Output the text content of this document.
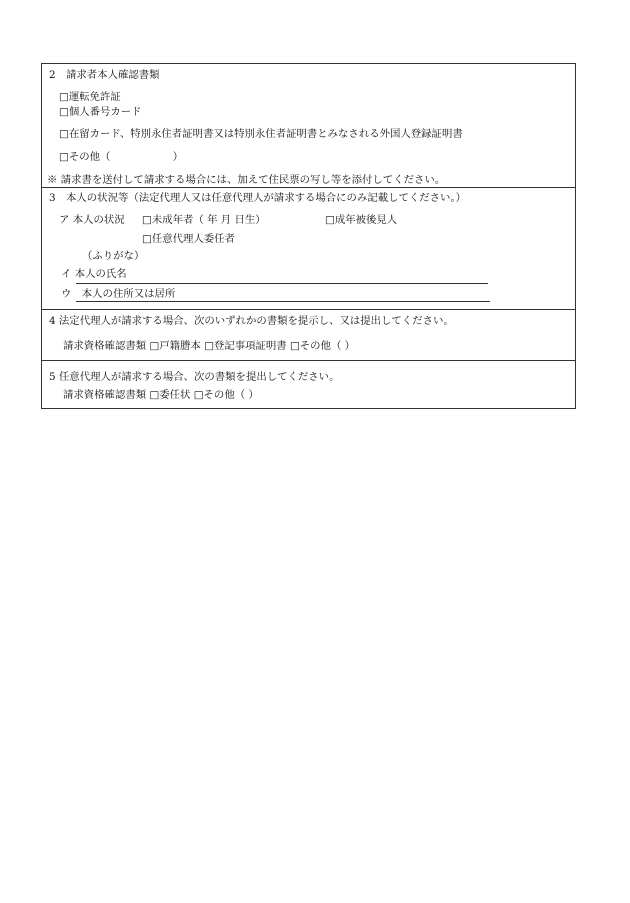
2　請求者本人確認書類
□運転免許証
□個人番号カード
□在留カード、特別永住者証明書又は特別永住者証明書とみなされる外国人登録証明書
□その他（　　　　　　）
※ 請求書を送付して請求する場合には、加えて住民票の写し等を添付してください。
3　本人の状況等（法定代理人又は任意代理人が請求する場合にのみ記載してください。）
ア 本人の状況 □未成年者（ 年 月 日生）	□成年被後見人
□任意代理人委任者
（ふりがな）
イ 本人の氏名
ウ　本人の住所又は居所
4 法定代理人が請求する場合、次のいずれかの書類を提示し、又は提出してください。
請求資格確認書類 □戸籍謄本 □登記事項証明書 □その他（ ）
5 任意代理人が請求する場合、次の書類を提出してください。
請求資格確認書類 □委任状 □その他（ ）
